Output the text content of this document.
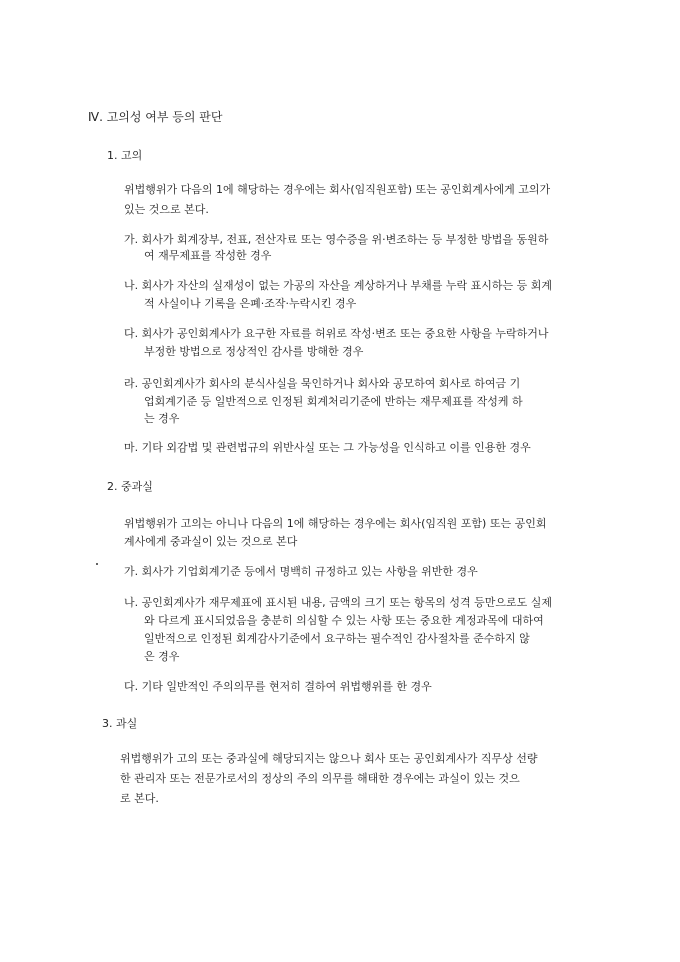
Ⅳ. 고의성 여부 등의 판단
1. 고의
위법행위가 다음의 1에 해당하는 경우에는 회사(임직원포함) 또는 공인회계사에게 고의가
있는 것으로 본다.
가. 회사가 회계장부, 전표, 전산자료 또는 영수증을 위·변조하는 등 부정한 방법을 동원하
여 재무제표를 작성한 경우
나. 회사가 자산의 실재성이 없는 가공의 자산을 계상하거나 부채를 누락 표시하는 등 회계
적 사실이나 기록을 은폐·조작·누락시킨 경우
다. 회사가 공인회계사가 요구한 자료를 허위로 작성·변조 또는 중요한 사항을 누락하거나
부정한 방법으로 정상적인 감사를 방해한 경우
라. 공인회계사가 회사의 분식사실을 묵인하거나 회사와 공모하여 회사로 하여금 기
업회계기준 등 일반적으로 인정된 회계처리기준에 반하는 재무제표를 작성케 하
는 경우
마. 기타 외감법 및 관련법규의 위반사실 또는 그 가능성을 인식하고 이를 인용한 경우
2. 중과실
위법행위가 고의는 아니나 다음의 1에 해당하는 경우에는 회사(임직원 포함) 또는 공인회
계사에게 중과실이 있는 것으로 본다
가. 회사가 기업회계기준 등에서 명백히 규정하고 있는 사항을 위반한 경우
나. 공인회계사가 재무제표에 표시된 내용, 금액의 크기 또는 항목의 성격 등만으로도 실제
와 다르게 표시되었음을 충분히 의심할 수 있는 사항 또는 중요한 계정과목에 대하여
일반적으로 인정된 회계감사기준에서 요구하는 필수적인 감사절차를 준수하지 않
은 경우
다. 기타 일반적인 주의의무를 현저히 결하여 위법행위를 한 경우
3. 과실
위법행위가 고의 또는 중과실에 해당되지는 않으나 회사 또는 공인회계사가 직무상 선량
한 관리자 또는 전문가로서의 정상의 주의 의무를 해태한 경우에는 과실이 있는 것으
로 본다.
